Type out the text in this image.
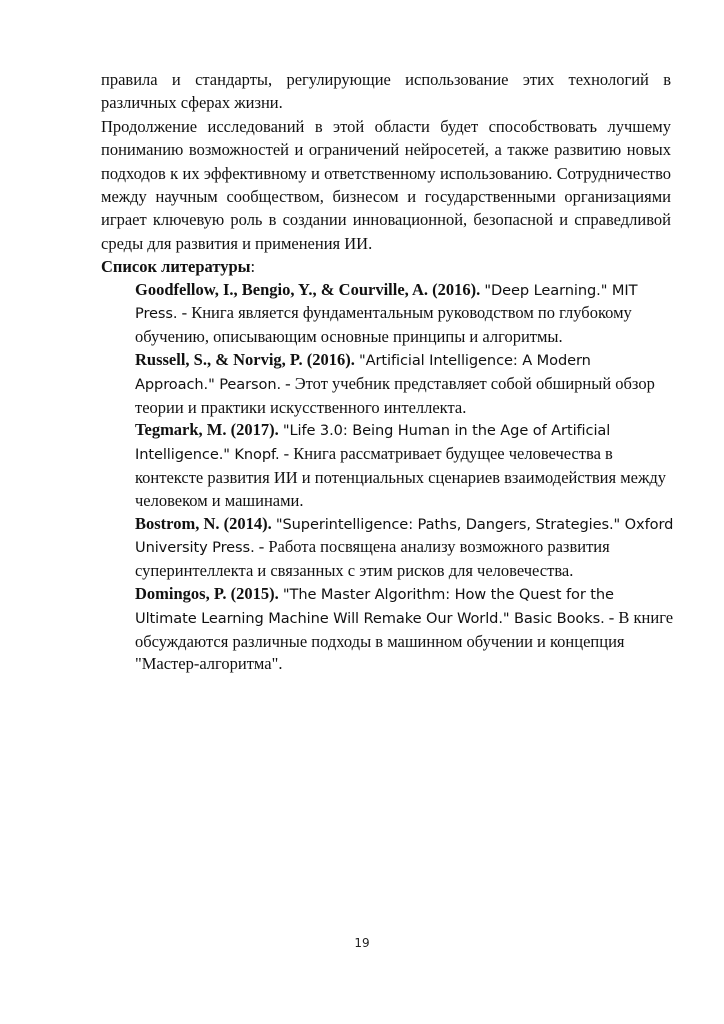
правила и стандарты, регулирующие использование этих технологий в различных сферах жизни.

Продолжение исследований в этой области будет способствовать лучшему пониманию возможностей и ограничений нейросетей, а также развитию новых подходов к их эффективному и ответственному использованию. Сотрудничество между научным сообществом, бизнесом и государственными организациями играет ключевую роль в создании инновационной, безопасной и справедливой среды для развития и применения ИИ.

Список литературы:

Goodfellow, I., Bengio, Y., & Courville, A. (2016). "Deep Learning." MIT Press. - Книга является фундаментальным руководством по глубокому обучению, описывающим основные принципы и алгоритмы.

Russell, S., & Norvig, P. (2016). "Artificial Intelligence: A Modern Approach." Pearson. - Этот учебник представляет собой обширный обзор теории и практики искусственного интеллекта.

Tegmark, M. (2017). "Life 3.0: Being Human in the Age of Artificial Intelligence." Knopf. - Книга рассматривает будущее человечества в контексте развития ИИ и потенциальных сценариев взаимодействия между человеком и машинами.

Bostrom, N. (2014). "Superintelligence: Paths, Dangers, Strategies." Oxford University Press. - Работа посвящена анализу возможного развития суперинтеллекта и связанных с этим рисков для человечества.

Domingos, P. (2015). "The Master Algorithm: How the Quest for the Ultimate Learning Machine Will Remake Our World." Basic Books. - В книге обсуждаются различные подходы в машинном обучении и концепция "Мастер-алгоритма".

19
